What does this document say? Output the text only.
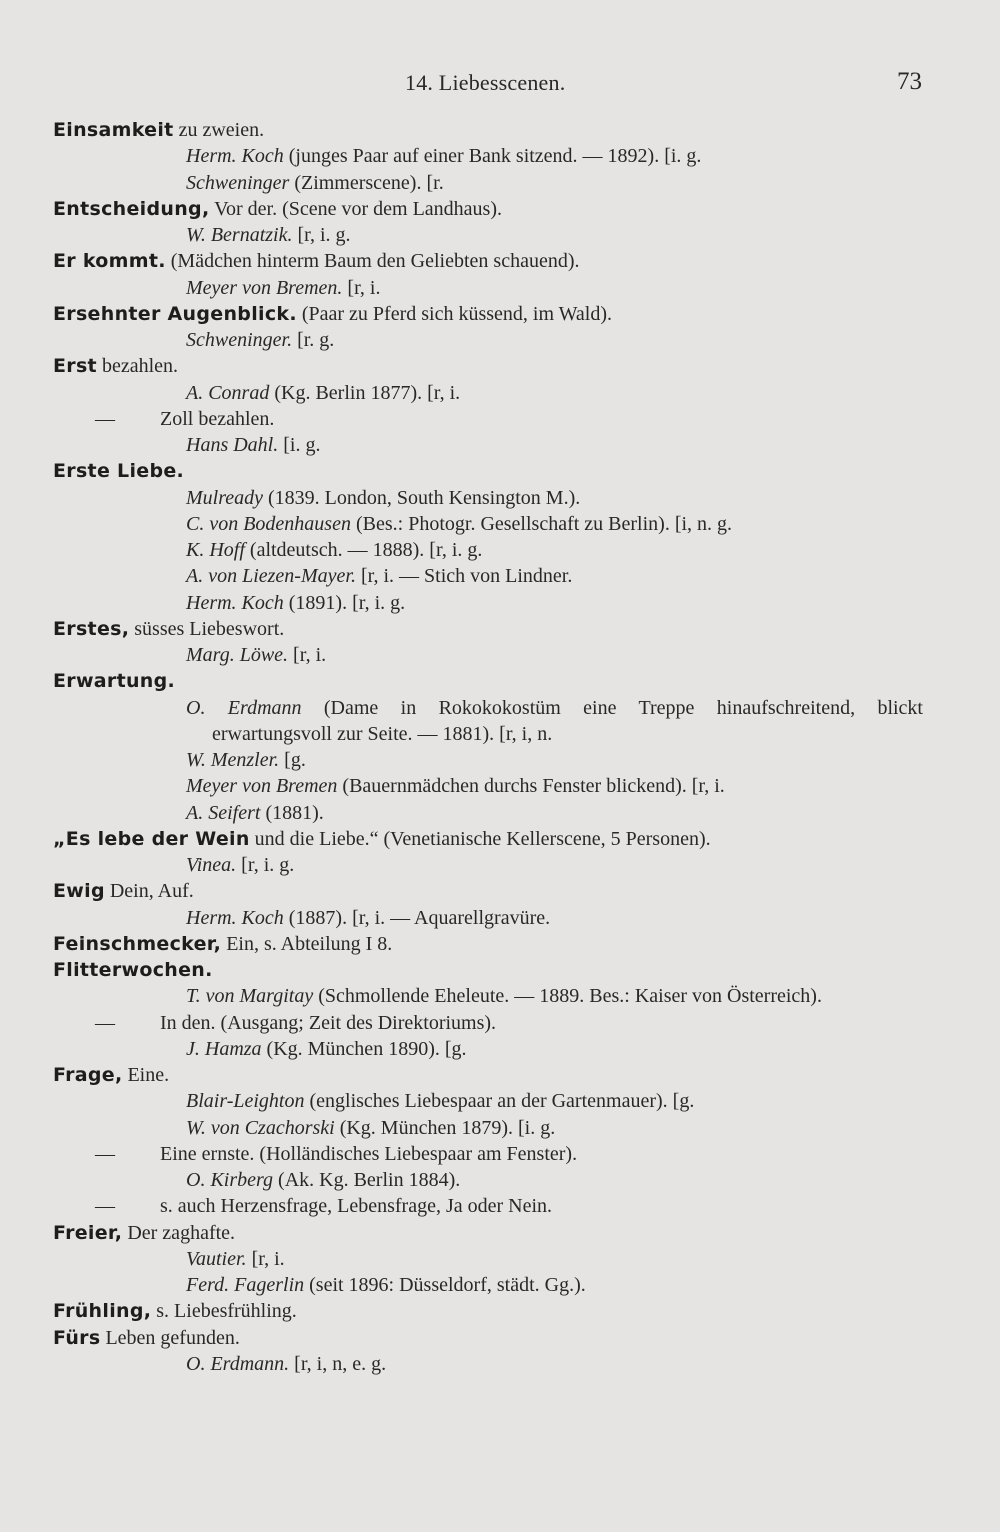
14. Liebesscenen.	73
Einsamkeit zu zweien.
Herm. Koch (junges Paar auf einer Bank sitzend. — 1892). [i. g.
Schweninger (Zimmerscene). [r.
Entscheidung, Vor der. (Scene vor dem Landhaus).
W. Bernatzik. [r, i. g.
Er kommt. (Mädchen hinterm Baum den Geliebten schauend).
Meyer von Bremen. [r, i.
Ersehnter Augenblick. (Paar zu Pferd sich küssend, im Wald).
Schweninger. [r. g.
Erst bezahlen.
A. Conrad (Kg. Berlin 1877). [r, i.
— Zoll bezahlen.
Hans Dahl. [i. g.
Erste Liebe.
Mulready (1839. London, South Kensington M.).
C. von Bodenhausen (Bes.: Photogr. Gesellschaft zu Berlin). [i, n. g.
K. Hoff (altdeutsch. — 1888). [r, i. g.
A. von Liezen-Mayer. [r, i. — Stich von Lindner.
Herm. Koch (1891). [r, i. g.
Erstes, süsses Liebeswort.
Marg. Löwe. [r, i.
Erwartung.
O. Erdmann (Dame in Rokokokostüm eine Treppe hinaufschreitend, blickt
erwartungsvoll zur Seite. — 1881). [r, i, n.
W. Menzler. [g.
Meyer von Bremen (Bauernmädchen durchs Fenster blickend). [r, i.
A. Seifert (1881).
„Es lebe der Wein und die Liebe.“ (Venetianische Kellerscene, 5 Personen).
Vinea. [r, i. g.
Ewig Dein, Auf.
Herm. Koch (1887). [r, i. — Aquarellgravüre.
Feinschmecker, Ein, s. Abteilung I 8.
Flitterwochen.
T. von Margitay (Schmollende Eheleute. — 1889. Bes.: Kaiser von Österreich).
— In den. (Ausgang; Zeit des Direktoriums).
J. Hamza (Kg. München 1890). [g.
Frage, Eine.
Blair-Leighton (englisches Liebespaar an der Gartenmauer). [g.
W. von Czachorski (Kg. München 1879). [i. g.
— Eine ernste. (Holländisches Liebespaar am Fenster).
O. Kirberg (Ak. Kg. Berlin 1884).
— s. auch Herzensfrage, Lebensfrage, Ja oder Nein.
Freier, Der zaghafte.
Vautier. [r, i.
Ferd. Fagerlin (seit 1896: Düsseldorf, städt. Gg.).
Frühling, s. Liebesfrühling.
Fürs Leben gefunden.
O. Erdmann. [r, i, n, e. g.
